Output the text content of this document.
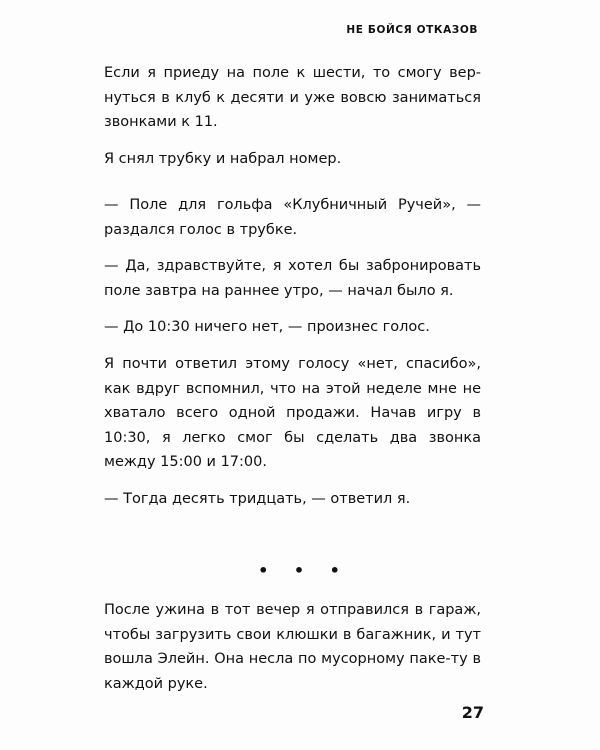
НЕ БОЙСЯ ОТКАЗОВ

Если я приеду на поле к шести, то смогу вер-нуться в клуб к десяти и уже вовсю заниматься звонками к 11.

Я снял трубку и набрал номер.

— Поле для гольфа «Клубничный Ручей», — раздался голос в трубке.

— Да, здравствуйте, я хотел бы забронировать поле завтра на раннее утро, — начал было я.

— До 10:30 ничего нет, — произнес голос.

Я почти ответил этому голосу «нет, спасибо», как вдруг вспомнил, что на этой неделе мне не хватало всего одной продажи. Начав игру в 10:30, я легко смог бы сделать два звонка между 15:00 и 17:00.

— Тогда десять тридцать, — ответил я.

• • •

После ужина в тот вечер я отправился в гараж, чтобы загрузить свои клюшки в багажник, и тут вошла Элейн. Она несла по мусорному паке-ту в каждой руке.

27
